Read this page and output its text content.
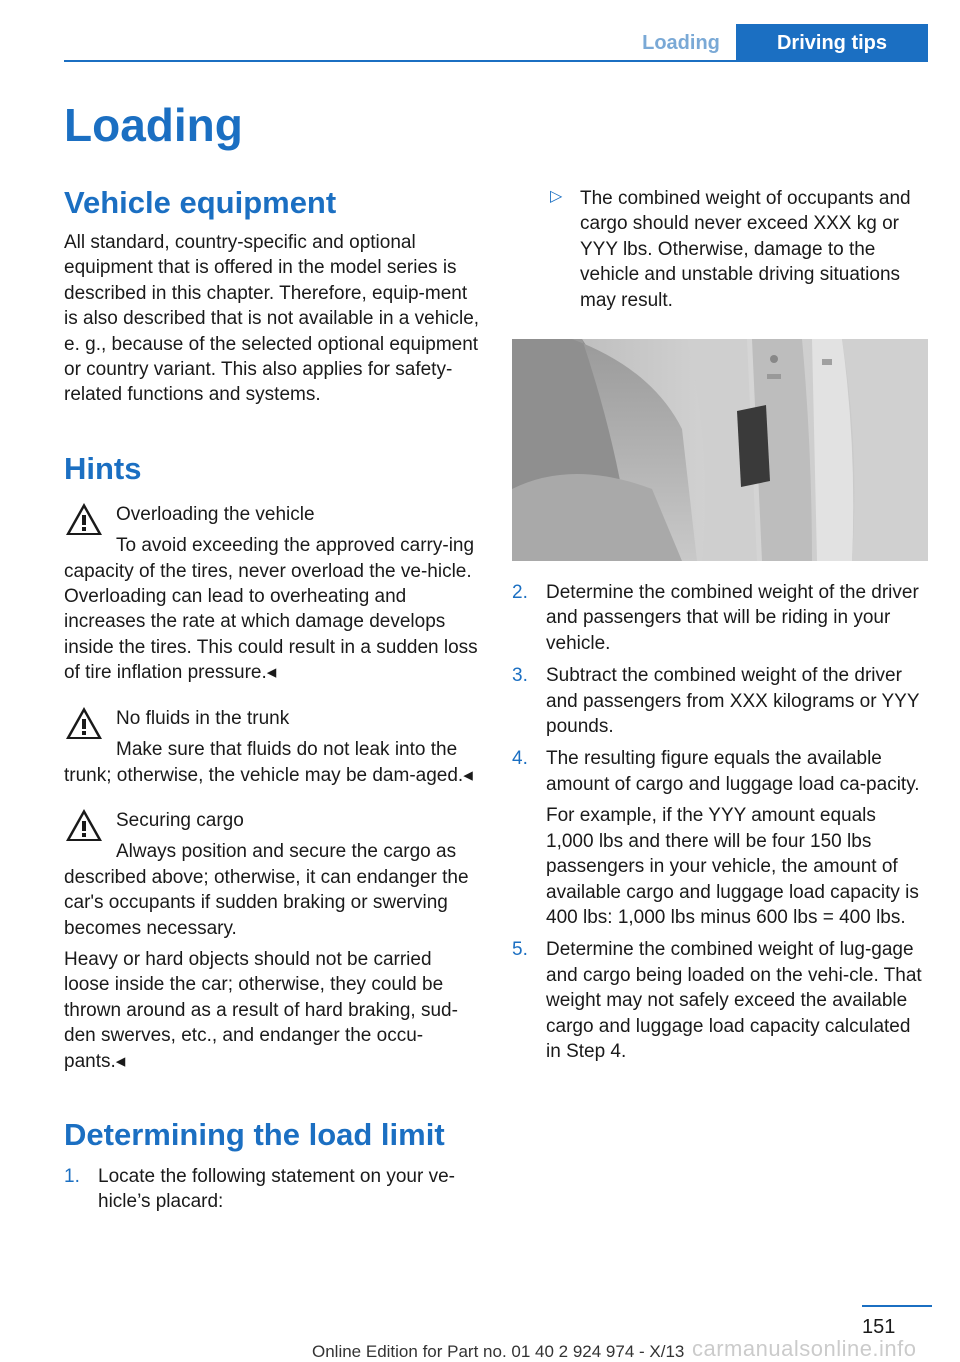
Loading	Driving tips
Loading
Vehicle equipment

All standard, country-specific and optional equipment that is offered in the model series is described in this chapter. Therefore, equip-ment is also described that is not available in a vehicle, e. g., because of the selected optional equipment or country variant. This also applies for safety-related functions and systems.

Hints

Overloading the vehicle

To avoid exceeding the approved carry-ing capacity of the tires, never overload the ve-hicle. Overloading can lead to overheating and increases the rate at which damage develops inside the tires. This could result in a sudden loss of tire inflation pressure.◂

No fluids in the trunk

Make sure that fluids do not leak into the trunk; otherwise, the vehicle may be dam-aged.◂

Securing cargo

Always position and secure the cargo as described above; otherwise, it can endanger the car's occupants if sudden braking or swerving becomes necessary.

Heavy or hard objects should not be carried loose inside the car; otherwise, they could be thrown around as a result of hard braking, sud-den swerves, etc., and endanger the occu-pants.◂

Determining the load limit
1. Locate the following statement on your ve-hicle’s placard:
▷ The combined weight of occupants and cargo should never exceed XXX kg or YYY lbs. Otherwise, damage to the vehicle and unstable driving situations may result.

2. Determine the combined weight of the driver and passengers that will be riding in your vehicle.
3. Subtract the combined weight of the driver and passengers from XXX kilograms or YYY pounds.
4. The resulting figure equals the available amount of cargo and luggage load ca-pacity.

For example, if the YYY amount equals 1,000 lbs and there will be four 150 lbs passengers in your vehicle, the amount of available cargo and luggage load capacity is 400 lbs: 1,000 lbs minus 600 lbs = 400 lbs.

5. Determine the combined weight of lug-gage and cargo being loaded on the vehi-cle. That weight may not safely exceed the available cargo and luggage load capacity calculated in Step 4.
151
Online Edition for Part no. 01 40 2 924 974 - X/13 carmanualsonline.info
